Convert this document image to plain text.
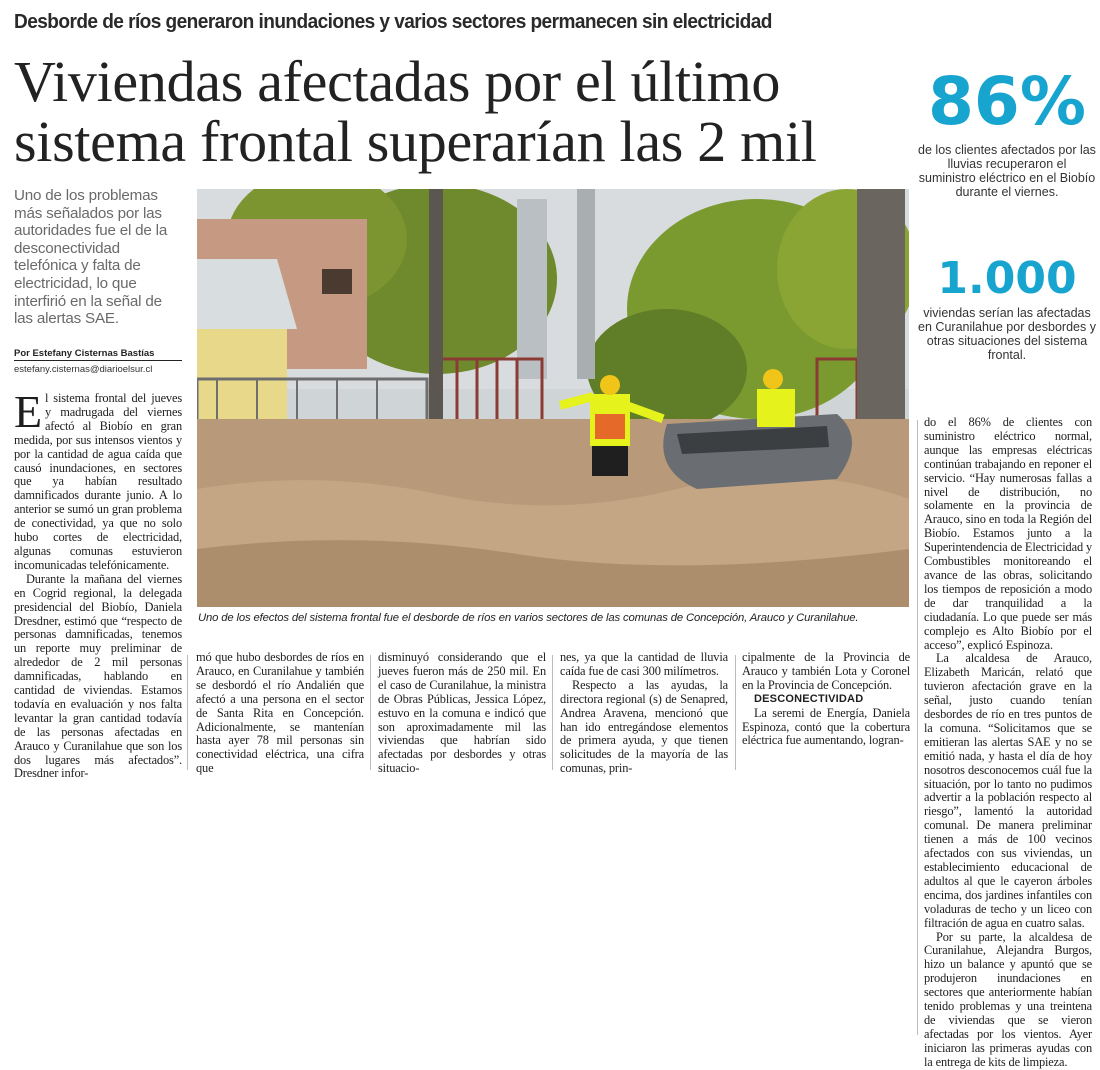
Desborde de ríos generaron inundaciones y varios sectores permanecen sin electricidad
Viviendas afectadas por el último
sistema frontal superarían las 2 mil
86%
de los clientes afectados por las lluvias recuperaron el suministro eléctrico en el Biobío durante el viernes.
1.000
viviendas serían las afectadas en Curanilahue por desbordes y otras situaciones del sistema frontal.
Uno de los problemas más señalados por las autoridades fue el de la desconectividad telefónica y falta de electricidad, lo que interfirió en la señal de las alertas SAE.
Por Estefany Cisternas Bastías
estefany.cisternas@diarioelsur.cl
Uno de los efectos del sistema frontal fue el desborde de ríos en varios sectores de las comunas de Concepción, Arauco y Curanilahue.

El sistema frontal del jueves y madrugada del viernes afectó al Biobío en gran medida, por sus intensos vientos y por la cantidad de agua caída que causó inundaciones, en sectores que ya habían resultado damnificados durante junio. A lo anterior se sumó un gran problema de conectividad, ya que no solo hubo cortes de electricidad, algunas comunas estuvieron incomunicadas telefónicamente.

Durante la mañana del viernes en Cogrid regional, la delegada presidencial del Biobío, Daniela Dresdner, estimó que “respecto de personas damnificadas, tenemos un reporte muy preliminar de alrededor de 2 mil personas damnificadas, hablando en cantidad de viviendas. Estamos todavía en evaluación y nos falta levantar la gran cantidad todavía de las personas afectadas en Arauco y Curanilahue que son los dos lugares más afectados”. Dresdner infor-

mó que hubo desbordes de ríos en Arauco, en Curanilahue y también se desbordó el río Andalién que afectó a una persona en el sector de Santa Rita en Concepción. Adicionalmente, se mantenían hasta ayer 78 mil personas sin conectividad eléctrica, una cifra que

disminuyó considerando que el jueves fueron más de 250 mil. En el caso de Curanilahue, la ministra de Obras Públicas, Jessica López, estuvo en la comuna e indicó que son aproximadamente mil las viviendas que habrían sido afectadas por desbordes y otras situacio-

nes, ya que la cantidad de lluvia caída fue de casi 300 milímetros.

Respecto a las ayudas, la directora regional (s) de Senapred, Andrea Aravena, mencionó que han ido entregándose elementos de primera ayuda, y que tienen solicitudes de la mayoría de las comunas, prin-

cipalmente de la Provincia de Arauco y también Lota y Coronel en la Provincia de Concepción.

DESCONECTIVIDAD

La seremi de Energía, Daniela Espinoza, contó que la cobertura eléctrica fue aumentando, logran-

do el 86% de clientes con suministro eléctrico normal, aunque las empresas eléctricas continúan trabajando en reponer el servicio. “Hay numerosas fallas a nivel de distribución, no solamente en la provincia de Arauco, sino en toda la Región del Biobío. Estamos junto a la Superintendencia de Electricidad y Combustibles monitoreando el avance de las obras, solicitando los tiempos de reposición a modo de dar tranquilidad a la ciudadanía. Lo que puede ser más complejo es Alto Biobío por el acceso”, explicó Espinoza.

La alcaldesa de Arauco, Elizabeth Maricán, relató que tuvieron afectación grave en la señal, justo cuando tenían desbordes de río en tres puntos de la comuna. “Solicitamos que se emitieran las alertas SAE y no se emitió nada, y hasta el día de hoy nosotros desconocemos cuál fue la situación, por lo tanto no pudimos advertir a la población respecto al riesgo”, lamentó la autoridad comunal. De manera preliminar tienen a más de 100 vecinos afectados con sus viviendas, un establecimiento educacional de adultos al que le cayeron árboles encima, dos jardines infantiles con voladuras de techo y un liceo con filtración de agua en cuatro salas.

Por su parte, la alcaldesa de Curanilahue, Alejandra Burgos, hizo un balance y apuntó que se produjeron inundaciones en sectores que anteriormente habían tenido problemas y una treintena de viviendas que se vieron afectadas por los vientos. Ayer iniciaron las primeras ayudas con la entrega de kits de limpieza.
